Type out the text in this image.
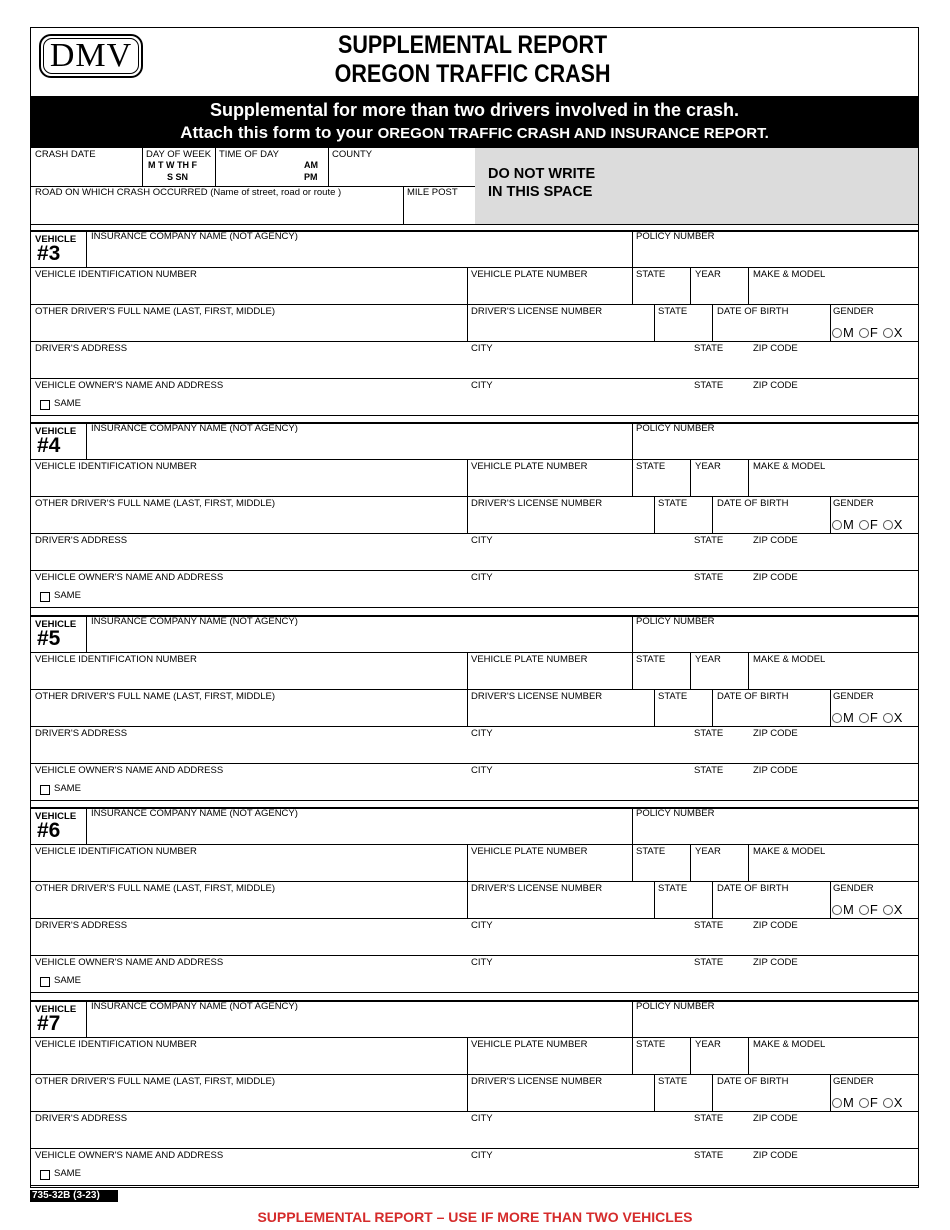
DMV	SUPPLEMENTAL REPORT
OREGON TRAFFIC CRASH
Supplemental for more than two drivers involved in the crash.
Attach this form to your OREGON TRAFFIC CRASH AND INSURANCE REPORT.
CRASH DATE	DAY OF WEEK
M T W TH F
S SN
TIME OF DAY
AM
PM
COUNTY
ROAD ON WHICH CRASH OCCURRED (Name of street, road or route )	MILE POST
DO NOT WRITE
IN THIS SPACE
VEHICLE
#3
INSURANCE COMPANY NAME (NOT AGENCY)	POLICY NUMBER
VEHICLE IDENTIFICATION NUMBER	VEHICLE PLATE NUMBER	STATE	YEAR	MAKE & MODEL
OTHER DRIVER'S FULL NAME (LAST, FIRST, MIDDLE)	DRIVER'S LICENSE NUMBER	STATE	DATE OF BIRTH	GENDER
M F X
DRIVER'S ADDRESS	CITY	STATE	ZIP CODE
VEHICLE OWNER'S NAME AND ADDRESS	CITY	STATE	ZIP CODE
SAME
VEHICLE
#4
INSURANCE COMPANY NAME (NOT AGENCY)	POLICY NUMBER
VEHICLE IDENTIFICATION NUMBER	VEHICLE PLATE NUMBER	STATE	YEAR	MAKE & MODEL
OTHER DRIVER'S FULL NAME (LAST, FIRST, MIDDLE)	DRIVER'S LICENSE NUMBER	STATE	DATE OF BIRTH	GENDER
M F X
DRIVER'S ADDRESS	CITY	STATE	ZIP CODE
VEHICLE OWNER'S NAME AND ADDRESS	CITY	STATE	ZIP CODE
SAME
VEHICLE
#5
INSURANCE COMPANY NAME (NOT AGENCY)	POLICY NUMBER
VEHICLE IDENTIFICATION NUMBER	VEHICLE PLATE NUMBER	STATE	YEAR	MAKE & MODEL
OTHER DRIVER'S FULL NAME (LAST, FIRST, MIDDLE)	DRIVER'S LICENSE NUMBER	STATE	DATE OF BIRTH	GENDER
M F X
DRIVER'S ADDRESS	CITY	STATE	ZIP CODE
VEHICLE OWNER'S NAME AND ADDRESS	CITY	STATE	ZIP CODE
SAME
VEHICLE
#6
INSURANCE COMPANY NAME (NOT AGENCY)	POLICY NUMBER
VEHICLE IDENTIFICATION NUMBER	VEHICLE PLATE NUMBER	STATE	YEAR	MAKE & MODEL
OTHER DRIVER'S FULL NAME (LAST, FIRST, MIDDLE)	DRIVER'S LICENSE NUMBER	STATE	DATE OF BIRTH	GENDER
M F X
DRIVER'S ADDRESS	CITY	STATE	ZIP CODE
VEHICLE OWNER'S NAME AND ADDRESS	CITY	STATE	ZIP CODE
SAME
VEHICLE
#7
INSURANCE COMPANY NAME (NOT AGENCY)	POLICY NUMBER
VEHICLE IDENTIFICATION NUMBER	VEHICLE PLATE NUMBER	STATE	YEAR	MAKE & MODEL
OTHER DRIVER'S FULL NAME (LAST, FIRST, MIDDLE)	DRIVER'S LICENSE NUMBER	STATE	DATE OF BIRTH	GENDER
M F X
DRIVER'S ADDRESS	CITY	STATE	ZIP CODE
VEHICLE OWNER'S NAME AND ADDRESS	CITY	STATE	ZIP CODE
SAME
735-32B (3-23)
SUPPLEMENTAL REPORT – USE IF MORE THAN TWO VEHICLES
